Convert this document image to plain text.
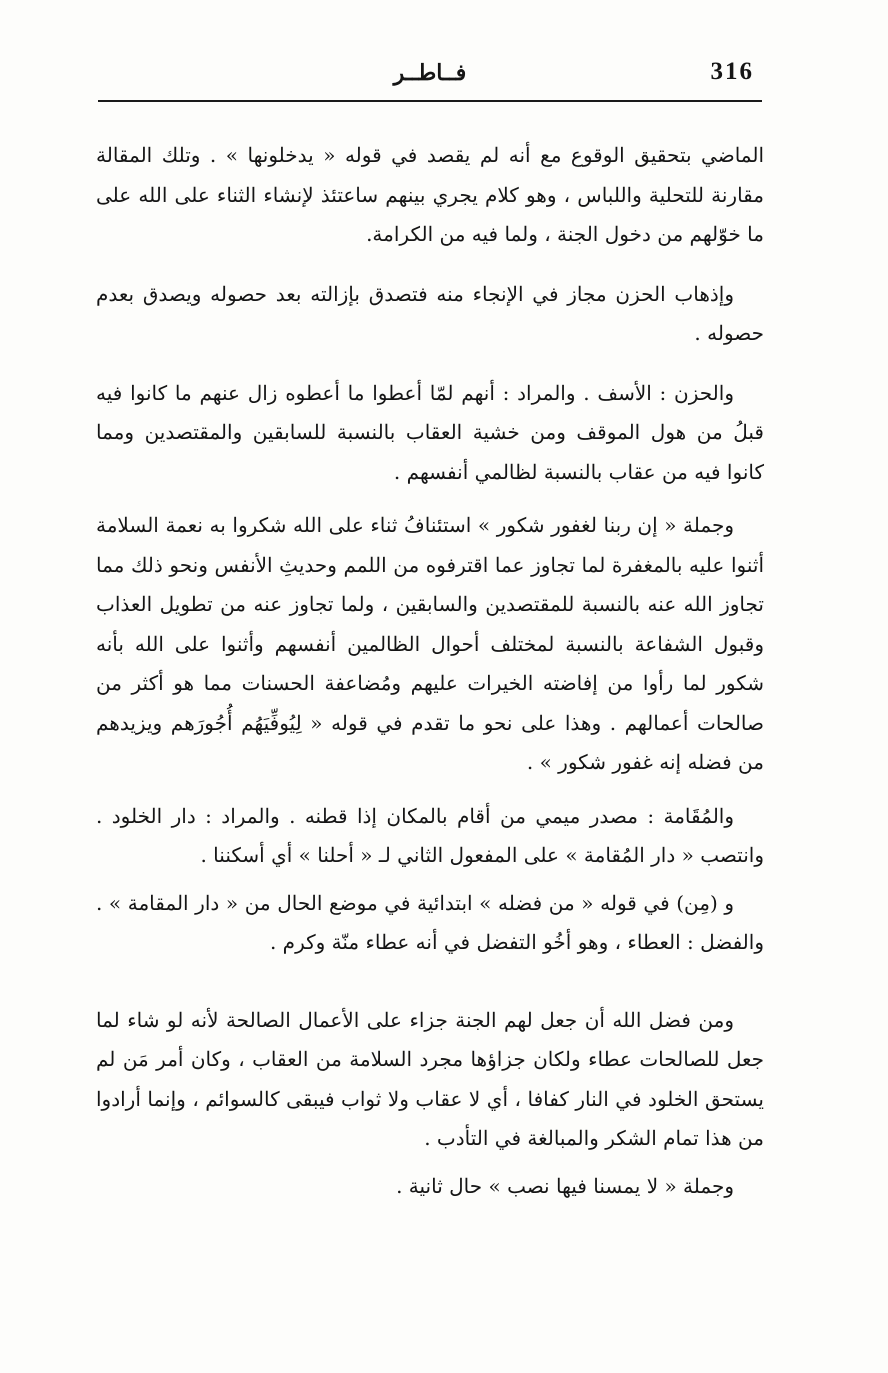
316
فــاطــر

الماضي بتحقيق الوقوع مع أنه لم يقصد في قوله « يدخلونها » . وتلك المقالة مقارنة للتحلية واللباس ، وهو كلام يجري بينهم ساعتئذ لإنشاء الثناء على الله على ما خوّلهم من دخول الجنة ، ولما فيه من الكرامة.

وإذهاب الحزن مجاز في الإنجاء منه فتصدق بإزالته بعد حصوله ويصدق بعدم حصوله .

والحزن : الأسف . والمراد : أنهم لمّا أعطوا ما أعطوه زال عنهم ما كانوا فيه قبلُ من هول الموقف ومن خشية العقاب بالنسبة للسابقين والمقتصدين ومما كانوا فيه من عقاب بالنسبة لظالمي أنفسهم .

وجملة « إن ربنا لغفور شكور » استئنافُ ثناء على الله شكروا به نعمة السلامة أثنوا عليه بالمغفرة لما تجاوز عما اقترفوه من اللمم وحديثِ الأنفس ونحو ذلك مما تجاوز الله عنه بالنسبة للمقتصدين والسابقين ، ولما تجاوز عنه من تطويل العذاب وقبول الشفاعة بالنسبة لمختلف أحوال الظالمين أنفسهم وأثنوا على الله بأنه شكور لما رأوا من إفاضته الخيرات عليهم ومُضاعفة الحسنات مما هو أكثر من صالحات أعمالهم . وهذا على نحو ما تقدم في قوله « لِيُوفِّيَهُم أُجُورَهم ويزيدهم من فضله إنه غفور شكور » .

والمُقَامة : مصدر ميمي من أقام بالمكان إذا قطنه . والمراد : دار الخلود . وانتصب « دار المُقامة » على المفعول الثاني لـ « أحلنا » أي أسكننا .

و (مِن) في قوله « من فضله » ابتدائية في موضع الحال من « دار المقامة » . والفضل : العطاء ، وهو أخُو التفضل في أنه عطاء منّة وكرم .

ومن فضل الله أن جعل لهم الجنة جزاء على الأعمال الصالحة لأنه لو شاء لما جعل للصالحات عطاء ولكان جزاؤها مجرد السلامة من العقاب ، وكان أمر مَن لم يستحق الخلود في النار كفافا ، أي لا عقاب ولا ثواب فيبقى كالسوائم ، وإنما أرادوا من هذا تمام الشكر والمبالغة في التأدب .

وجملة « لا يمسنا فيها نصب » حال ثانية .
